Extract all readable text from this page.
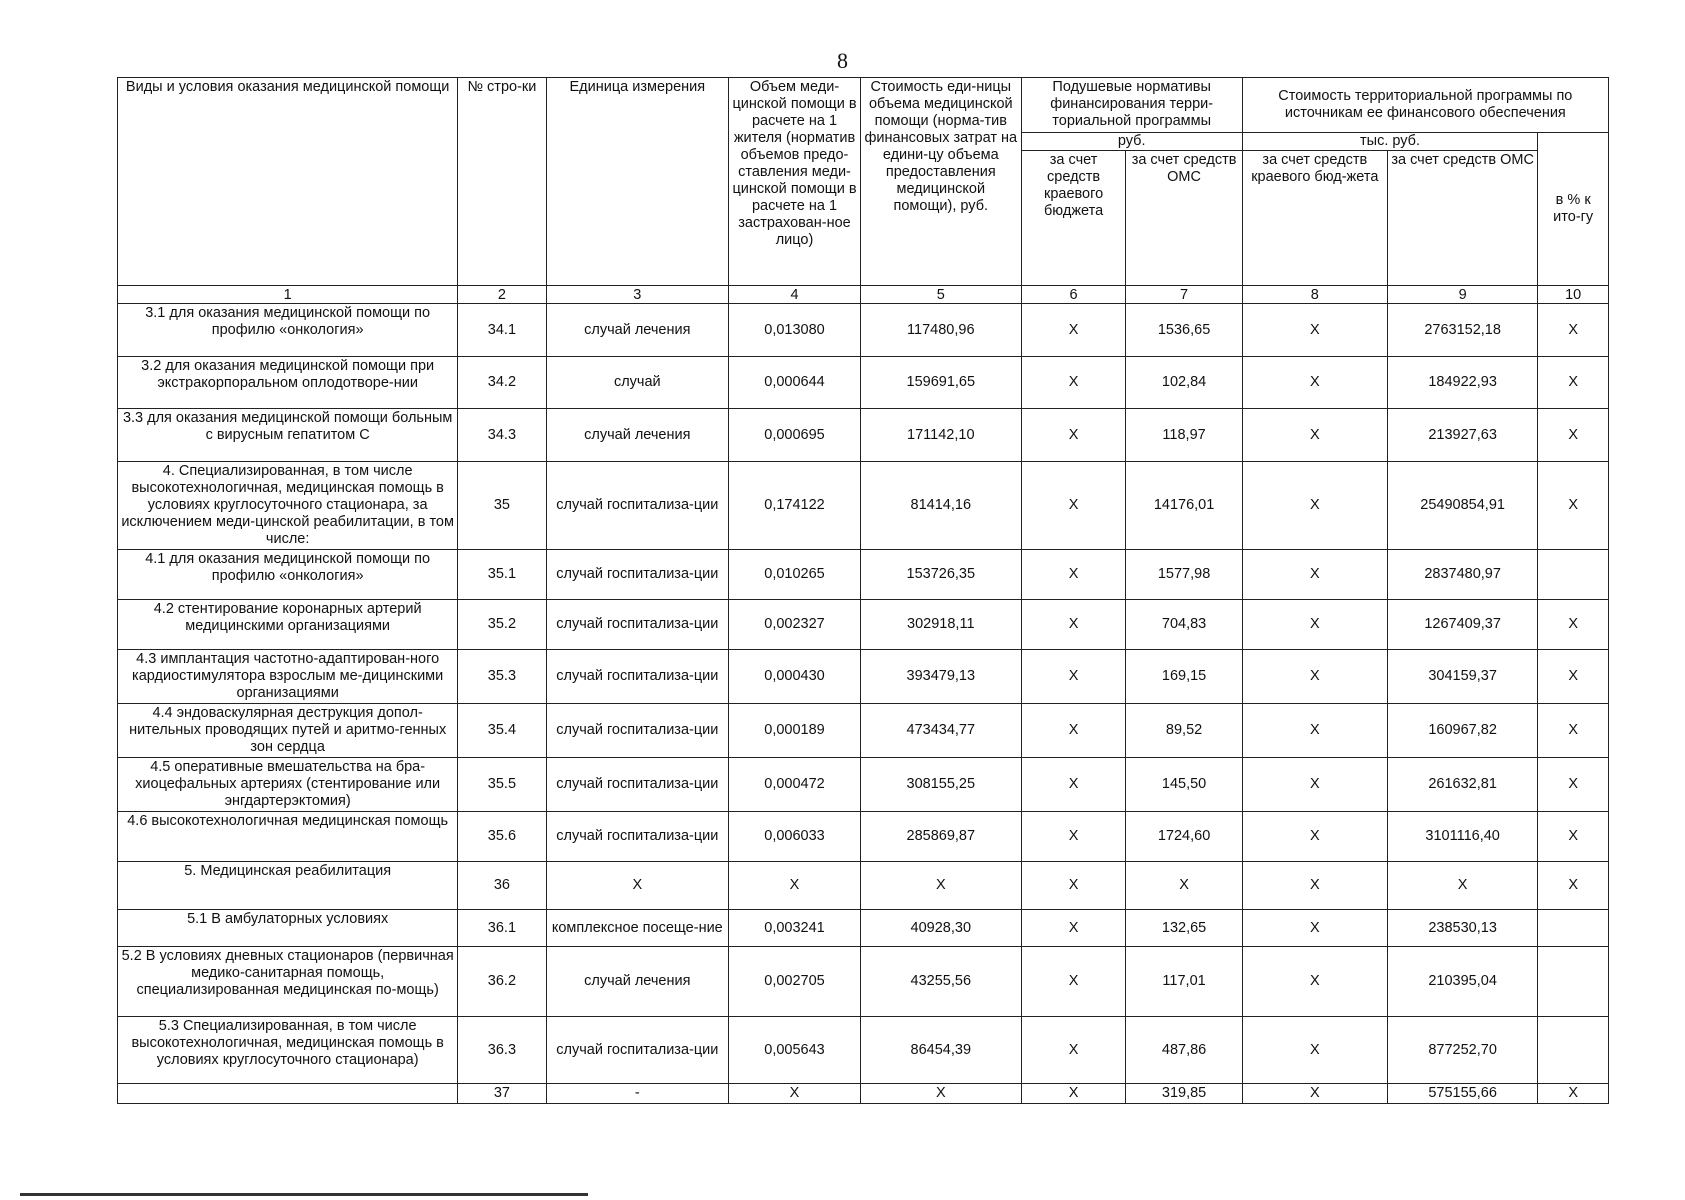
8
Виды и условия оказания медицинской помощи	№ стро-ки	Единица измерения	Объем меди-цинской помощи в расчете на 1 жителя (норматив объемов предо-ставления меди-цинской помощи в расчете на 1 застрахован-ное лицо)	Стоимость еди-ницы объема медицинской помощи (норма-тив финансовых затрат на едини-цу объема предоставления медицинской помощи), руб.	Подушевые нормативы финансирования терри-ториальной программы		Стоимость территориальной программы по источникам ее финансового обеспечения		
					руб.		тыс. руб.		в % к ито-гу
					за счет средств краевого бюджета	за счет средств ОМС	за счет средств краевого бюд-жета	за счет средств ОМС	
1	2	3	4	5	6	7	8	9	10
3.1 для оказания медицинской помощи по профилю «онкология»	34.1	случай лечения	0,013080	117480,96	X	1536,65	X	2763152,18	X
3.2 для оказания медицинской помощи при экстракорпоральном оплодотворе-нии	34.2	случай	0,000644	159691,65	X	102,84	X	184922,93	X
3.3 для оказания медицинской помощи больным с вирусным гепатитом С	34.3	случай лечения	0,000695	171142,10	X	118,97	X	213927,63	X
4. Специализированная, в том числе высокотехнологичная, медицинская помощь в условиях круглосуточного стационара, за исключением меди-цинской реабилитации, в том числе:	35	случай госпитализа-ции	0,174122	81414,16	X	14176,01	X	25490854,91	X
4.1 для оказания медицинской помощи по профилю «онкология»	35.1	случай госпитализа-ции	0,010265	153726,35	X	1577,98	X	2837480,97	
4.2 стентирование коронарных артерий медицинскими организациями	35.2	случай госпитализа-ции	0,002327	302918,11	X	704,83	X	1267409,37	X
4.3 имплантация частотно-адаптирован-ного кардиостимулятора взрослым ме-дицинскими организациями	35.3	случай госпитализа-ции	0,000430	393479,13	X	169,15	X	304159,37	X
4.4 эндоваскулярная деструкция допол-нительных проводящих путей и аритмо-генных зон сердца	35.4	случай госпитализа-ции	0,000189	473434,77	X	89,52	X	160967,82	X
4.5 оперативные вмешательства на бра-хиоцефальных артериях (стентирование или энгдартерэктомия)	35.5	случай госпитализа-ции	0,000472	308155,25	X	145,50	X	261632,81	X
4.6 высокотехнологичная медицинская помощь	35.6	случай госпитализа-ции	0,006033	285869,87	X	1724,60	X	3101116,40	X
5. Медицинская реабилитация	36	X	X	X	X	X	X	X	X
5.1 В амбулаторных условиях	36.1	комплексное посеще-ние	0,003241	40928,30	X	132,65	X	238530,13	
5.2 В условиях дневных стационаров (первичная медико-санитарная помощь, специализированная медицинская по-мощь)	36.2	случай лечения	0,002705	43255,56	X	117,01	X	210395,04	
5.3 Специализированная, в том числе высокотехнологичная, медицинская помощь в условиях круглосуточного стационара)	36.3	случай госпитализа-ции	0,005643	86454,39	X	487,86	X	877252,70	
	37	-	X	X	X	319,85	X	575155,66	X
